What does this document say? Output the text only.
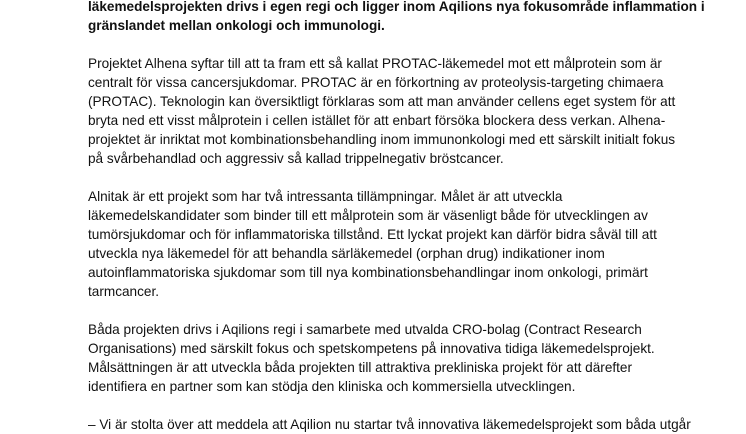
läkemedelsprojekten drivs i egen regi och ligger inom Aqilions nya fokusområde inflammation i
gränslandet mellan onkologi och immunologi.

Projektet Alhena syftar till att ta fram ett så kallat PROTAC-läkemedel mot ett målprotein som är
centralt för vissa cancersjukdomar. PROTAC är en förkortning av proteolysis-targeting chimaera
(PROTAC). Teknologin kan översiktligt förklaras som att man använder cellens eget system för att
bryta ned ett visst målprotein i cellen istället för att enbart försöka blockera dess verkan. Alhena-
projektet är inriktat mot kombinationsbehandling inom immunonkologi med ett särskilt initialt fokus
på svårbehandlad och aggressiv så kallad trippelnegativ bröstcancer.

Alnitak är ett projekt som har två intressanta tillämpningar. Målet är att utveckla
läkemedelskandidater som binder till ett målprotein som är väsenligt både för utvecklingen av
tumörsjukdomar och för inflammatoriska tillstånd. Ett lyckat projekt kan därför bidra såväl till att
utveckla nya läkemedel för att behandla särläkemedel (orphan drug) indikationer inom
autoinflammatoriska sjukdomar som till nya kombinationsbehandlingar inom onkologi, primärt
tarmcancer.

Båda projekten drivs i Aqilions regi i samarbete med utvalda CRO-bolag (Contract Research
Organisations) med särskilt fokus och spetskompetens på innovativa tidiga läkemedelsprojekt.
Målsättningen är att utveckla båda projekten till attraktiva prekliniska projekt för att därefter
identifiera en partner som kan stödja den kliniska och kommersiella utvecklingen.

– Vi är stolta över att meddela att Aqilion nu startar två innovativa läkemedelsprojekt som båda utgår
